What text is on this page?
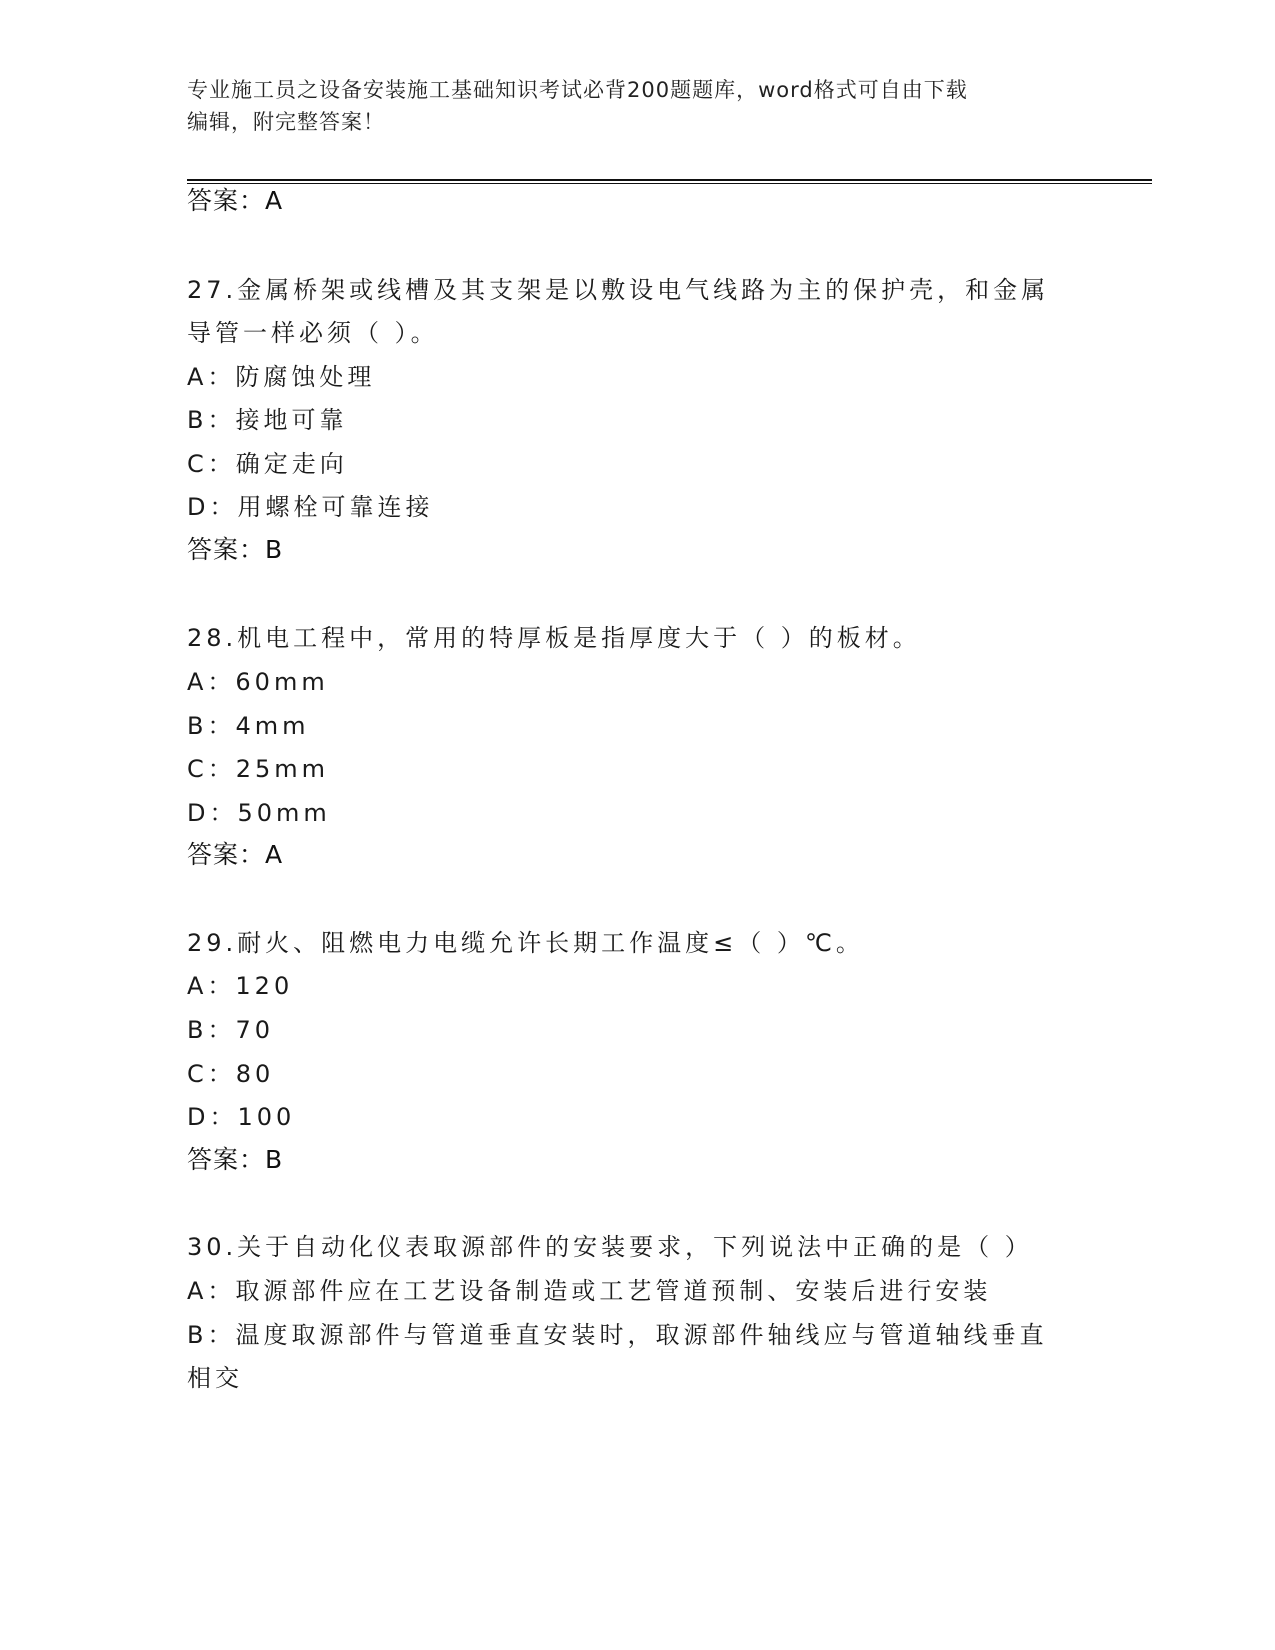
专业施工员之设备安装施工基础知识考试必背200题题库，word格式可自由下载
编辑，附完整答案！
答案：A
27.金属桥架或线槽及其支架是以敷设电气线路为主的保护壳，和金属
导管一样必须（ ）。
A：防腐蚀处理
B：接地可靠
C：确定走向
D：用螺栓可靠连接
答案：B
28.机电工程中，常用的特厚板是指厚度大于（ ）的板材。
A：60mm
B：4mm
C：25mm
D：50mm
答案：A
29.耐火、阻燃电力电缆允许长期工作温度≤（ ）℃。
A：120
B：70
C：80
D：100
答案：B
30.关于自动化仪表取源部件的安装要求，下列说法中正确的是（ ）
A：取源部件应在工艺设备制造或工艺管道预制、安装后进行安装
B：温度取源部件与管道垂直安装时，取源部件轴线应与管道轴线垂直
相交
